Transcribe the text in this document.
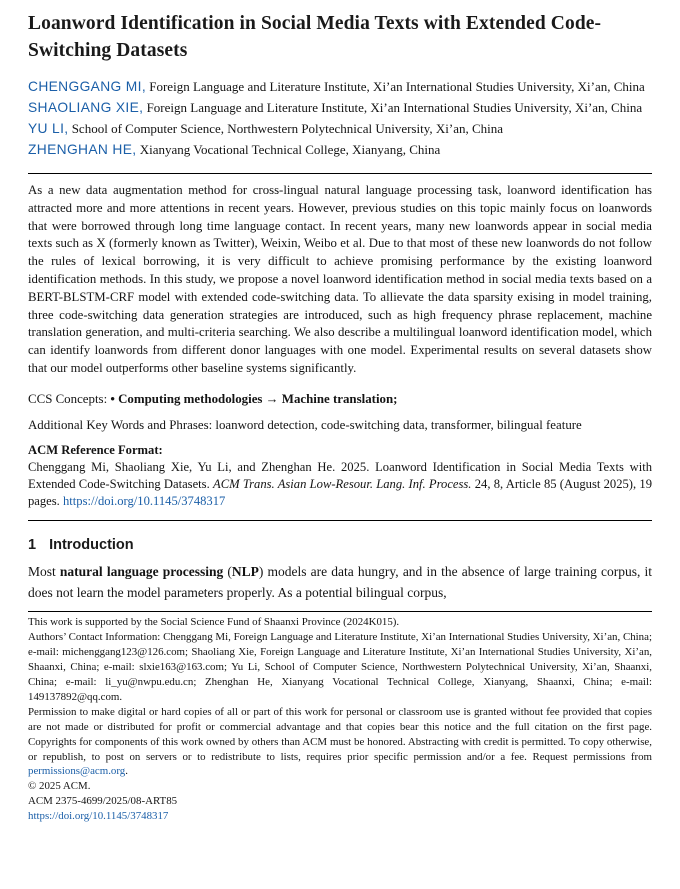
Loanword Identification in Social Media Texts with Extended Code-Switching Datasets

CHENGGANG MI, Foreign Language and Literature Institute, Xi’an International Studies University, Xi’an, China

SHAOLIANG XIE, Foreign Language and Literature Institute, Xi’an International Studies University, Xi’an, China

YU LI, School of Computer Science, Northwestern Polytechnical University, Xi’an, China

ZHENGHAN HE, Xianyang Vocational Technical College, Xianyang, China

As a new data augmentation method for cross-lingual natural language processing task, loanword identification has attracted more and more attentions in recent years. However, previous studies on this topic mainly focus on loanwords that were borrowed through long time language contact. In recent years, many new loanwords appear in social media texts such as X (formerly known as Twitter), Weixin, Weibo et al. Due to that most of these new loanwords do not follow the rules of lexical borrowing, it is very difficult to achieve promising performance by the existing loanword identification methods. In this study, we propose a novel loanword identification method in social media texts based on a BERT-BLSTM-CRF model with extended code-switching data. To allievate the data sparsity exising in model training, three code-switching data generation strategies are introduced, such as high frequency phrase replacement, machine translation generation, and multi-criteria searching. We also describe a multilingual loanword identification model, which can identify loanwords from different donor languages with one model. Experimental results on several datasets show that our model outperforms other baseline systems significantly.

CCS Concepts: • Computing methodologies → Machine translation;

Additional Key Words and Phrases: loanword detection, code-switching data, transformer, bilingual feature

ACM Reference Format:
Chenggang Mi, Shaoliang Xie, Yu Li, and Zhenghan He. 2025. Loanword Identification in Social Media Texts with Extended Code-Switching Datasets. ACM Trans. Asian Low-Resour. Lang. Inf. Process. 24, 8, Article 85 (August 2025), 19 pages. https://doi.org/10.1145/3748317
1 Introduction

Most natural language processing (NLP) models are data hungry, and in the absence of large training corpus, it does not learn the model parameters properly. As a potential bilingual corpus,

This work is supported by the Social Science Fund of Shaanxi Province (2024K015).

Authors’ Contact Information: Chenggang Mi, Foreign Language and Literature Institute, Xi’an International Studies University, Xi’an, China; e-mail: michenggang123@126.com; Shaoliang Xie, Foreign Language and Literature Institute, Xi’an International Studies University, Xi’an, Shaanxi, China; e-mail: slxie163@163.com; Yu Li, School of Computer Science, Northwestern Polytechnical University, Xi’an, Shaanxi, China; e-mail: li_yu@nwpu.edu.cn; Zhenghan He, Xianyang Vocational Technical College, Xianyang, Shaanxi, China; e-mail: 149137892@qq.com.

Permission to make digital or hard copies of all or part of this work for personal or classroom use is granted without fee provided that copies are not made or distributed for profit or commercial advantage and that copies bear this notice and the full citation on the first page. Copyrights for components of this work owned by others than ACM must be honored. Abstracting with credit is permitted. To copy otherwise, or republish, to post on servers or to redistribute to lists, requires prior specific permission and/or a fee. Request permissions from permissions@acm.org.

© 2025 ACM.

ACM 2375-4699/2025/08-ART85

https://doi.org/10.1145/3748317
